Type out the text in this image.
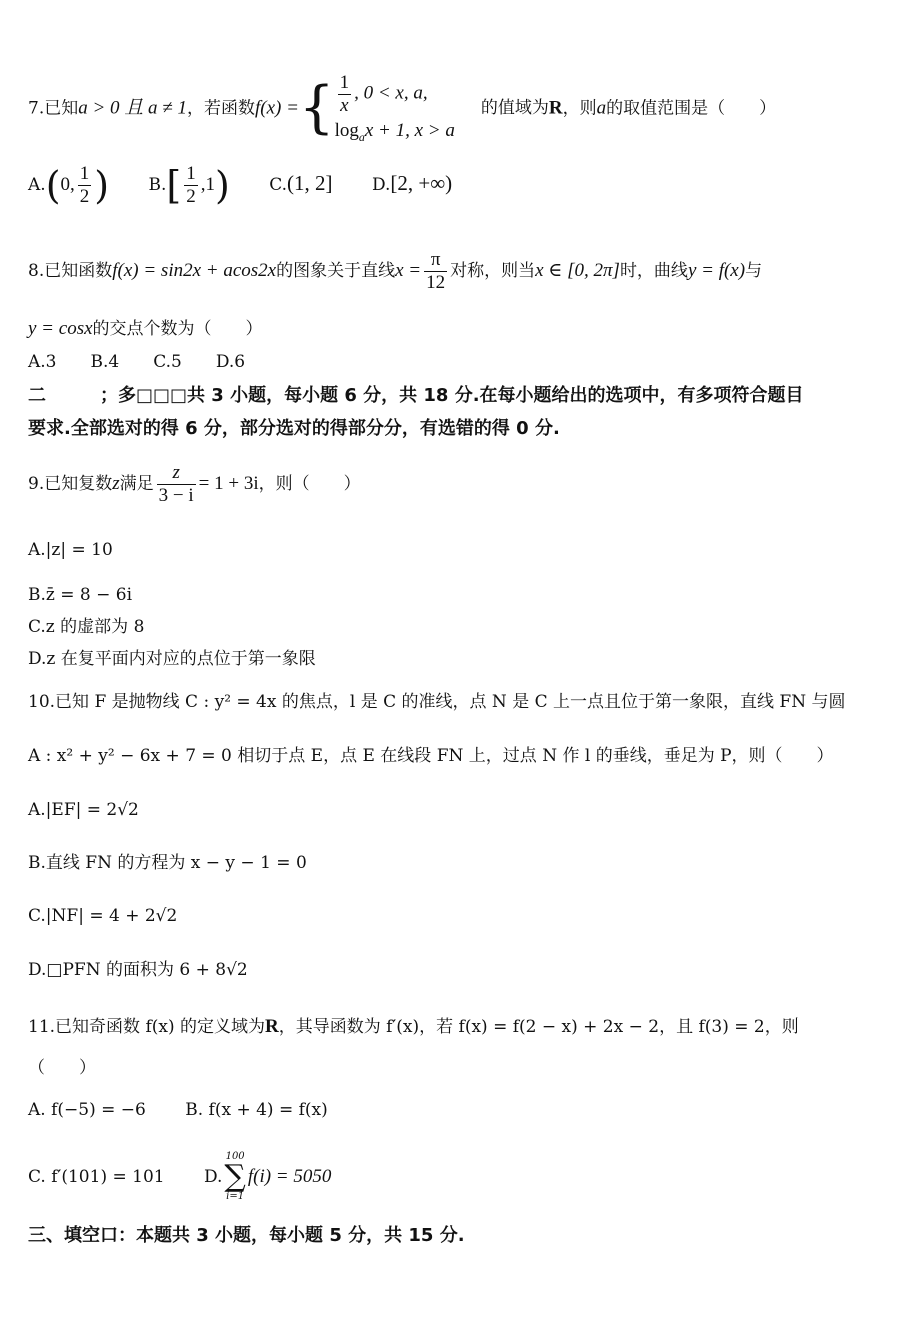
7.已知a > 0 且 a ≠ 1，若函数f(x) ={ $\frac{1}{x}$ , 0 < x, a,
$\log_ax + 1$, x > a
的值域为R，则a的取值范围是（　　）
A.(0, $\frac{1}{2}$ ) $B.[ \frac{1}{2} ,1)$ C.(1, 2] D.[2, +∞)
8.已知函数f(x) = sin2x + acos2x的图象关于直线$x = \frac{\pi}{12}$ 对称，则当x ∈ [0, 2π]时，曲线y = f(x)与
y = cosx的交点个数为（　　）
A.3　　B.4　　C.5　　D.6
二　　　；多□□□共 3 小题，每小题 6 分，共 18 分.在每小题给出的选项中，有多项符合题目
要求.全部选对的得 6 分，部分选对的得部分分，有选错的得 0 分.
9.已知复数z满足 $\frac{z}{3 - i} = 1 + 3i$，则（　　）
A.|z| = 10
B.z̄ = 8 − 6i
C.z 的虚部为 8
D.z 在复平面内对应的点位于第一象限
10.已知 F 是抛物线 C : y² = 4x 的焦点，l 是 C 的准线，点 N 是 C 上一点且位于第一象限，直线 FN 与圆
A : x² + y² − 6x + 7 = 0 相切于点 E，点 E 在线段 FN 上，过点 N 作 l 的垂线，垂足为 P，则（　　）
A.|EF| = 2√2
B.直线 FN 的方程为 x − y − 1 = 0
C.|NF| = 4 + 2√2
D.□PFN 的面积为 6 + 8√2
11.已知奇函数 f(x) 的定义域为R，其导函数为 f′(x)，若 f(x) = f(2 − x) + 2x − 2，且 f(3) = 2，则
（　　）
A. f(−5) = −6 B. f(x + 4) = f(x)
C. f′(101) = 101 D.
100
∑
i=1
f(i) = 5050
三、填空口：本题共 3 小题，每小题 5 分，共 15 分.
